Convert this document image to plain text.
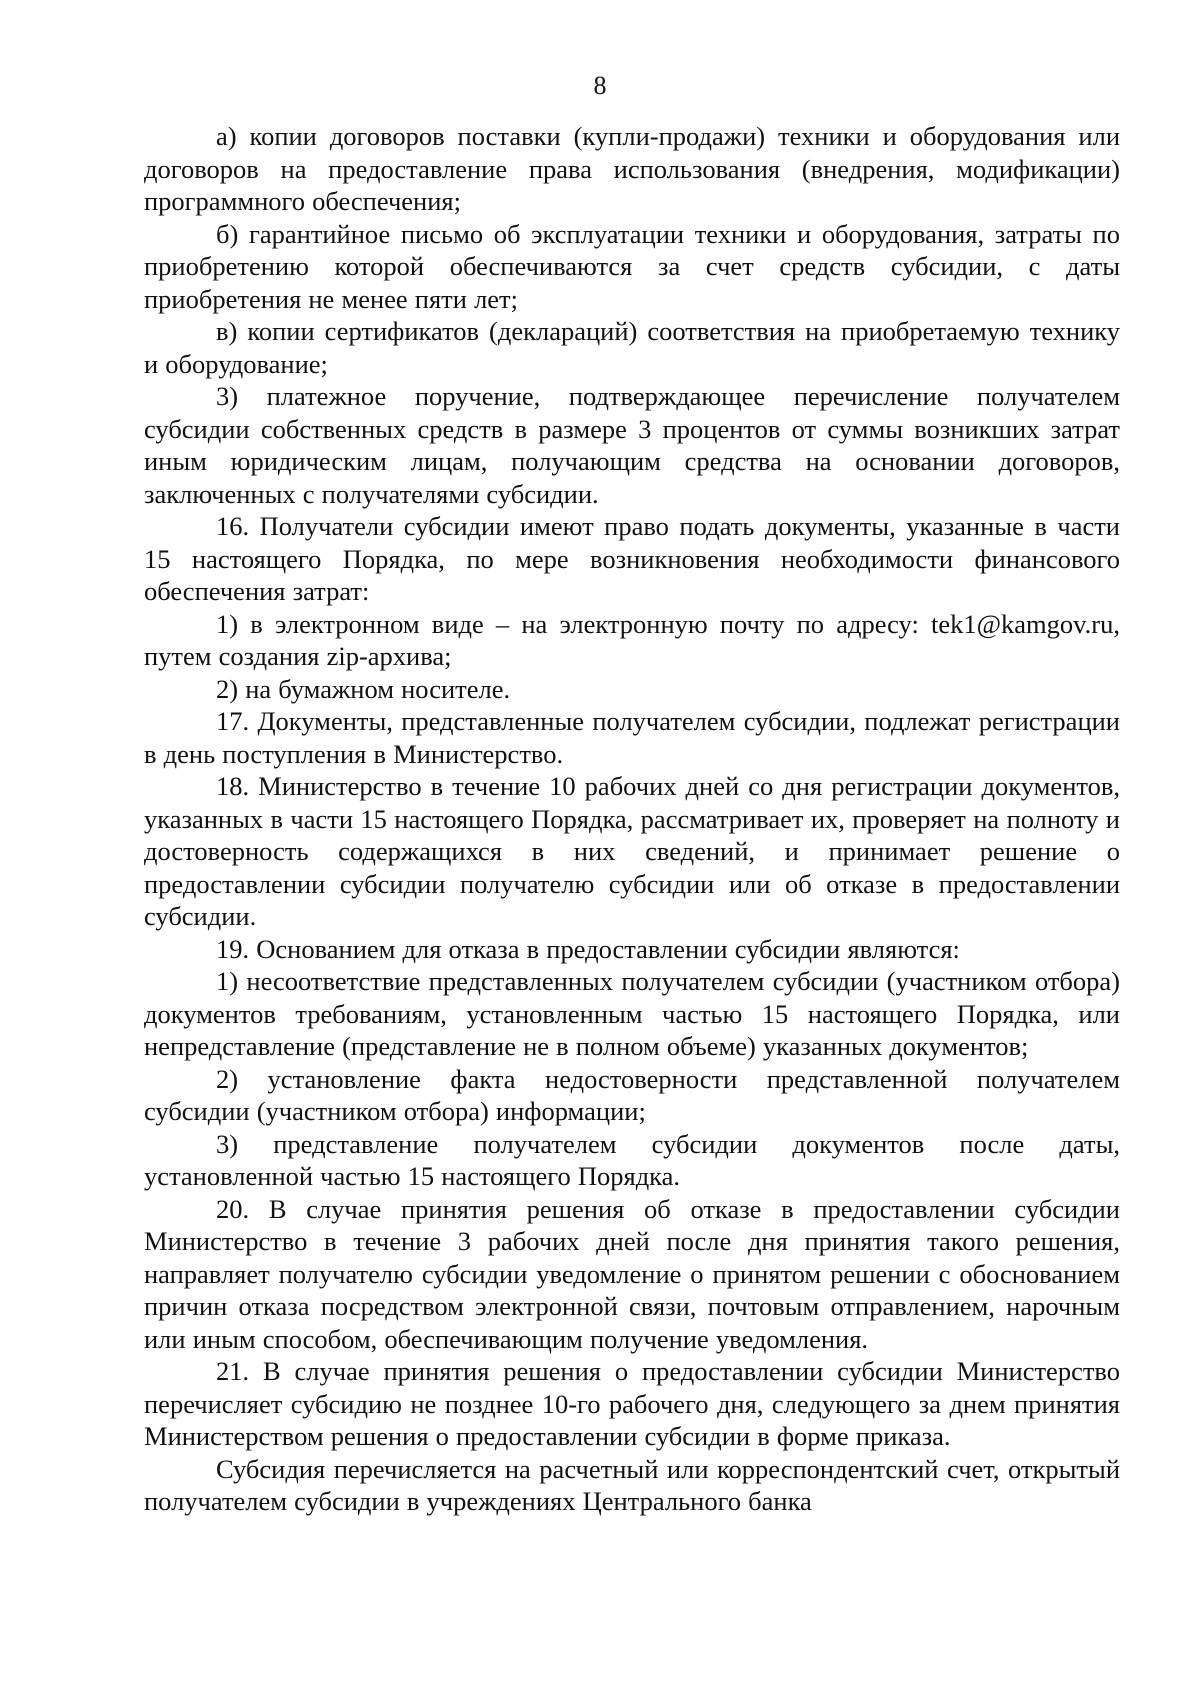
8

а) копии договоров поставки (купли-продажи) техники и оборудования или договоров на предоставление права использования (внедрения, модификации) программного обеспечения;

б) гарантийное письмо об эксплуатации техники и оборудования, затраты по приобретению которой обеспечиваются за счет средств субсидии, с даты приобретения не менее пяти лет;

в) копии сертификатов (деклараций) соответствия на приобретаемую технику и оборудование;

3) платежное поручение, подтверждающее перечисление получателем субсидии собственных средств в размере 3 процентов от суммы возникших затрат иным юридическим лицам, получающим средства на основании договоров, заключенных с получателями субсидии.

16. Получатели субсидии имеют право подать документы, указанные в части 15 настоящего Порядка, по мере возникновения необходимости финансового обеспечения затрат:

1) в электронном виде – на электронную почту по адресу: tek1@kamgov.ru, путем создания zip-архива;

2) на бумажном носителе.

17. Документы, представленные получателем субсидии, подлежат регистрации в день поступления в Министерство.

18. Министерство в течение 10 рабочих дней со дня регистрации документов, указанных в части 15 настоящего Порядка, рассматривает их, проверяет на полноту и достоверность содержащихся в них сведений, и принимает решение о предоставлении субсидии получателю субсидии или об отказе в предоставлении субсидии.

19. Основанием для отказа в предоставлении субсидии являются:

1) несоответствие представленных получателем субсидии (участником отбора) документов требованиям, установленным частью 15 настоящего Порядка, или непредставление (представление не в полном объеме) указанных документов;

2) установление факта недостоверности представленной получателем субсидии (участником отбора) информации;

3) представление получателем субсидии документов после даты, установленной частью 15 настоящего Порядка.

20. В случае принятия решения об отказе в предоставлении субсидии Министерство в течение 3 рабочих дней после дня принятия такого решения, направляет получателю субсидии уведомление о принятом решении с обоснованием причин отказа посредством электронной связи, почтовым отправлением, нарочным или иным способом, обеспечивающим получение уведомления.

21. В случае принятия решения о предоставлении субсидии Министерство перечисляет субсидию не позднее 10-го рабочего дня, следующего за днем принятия Министерством решения о предоставлении субсидии в форме приказа.

Субсидия перечисляется на расчетный или корреспондентский счет, открытый получателем субсидии в учреждениях Центрального банка
